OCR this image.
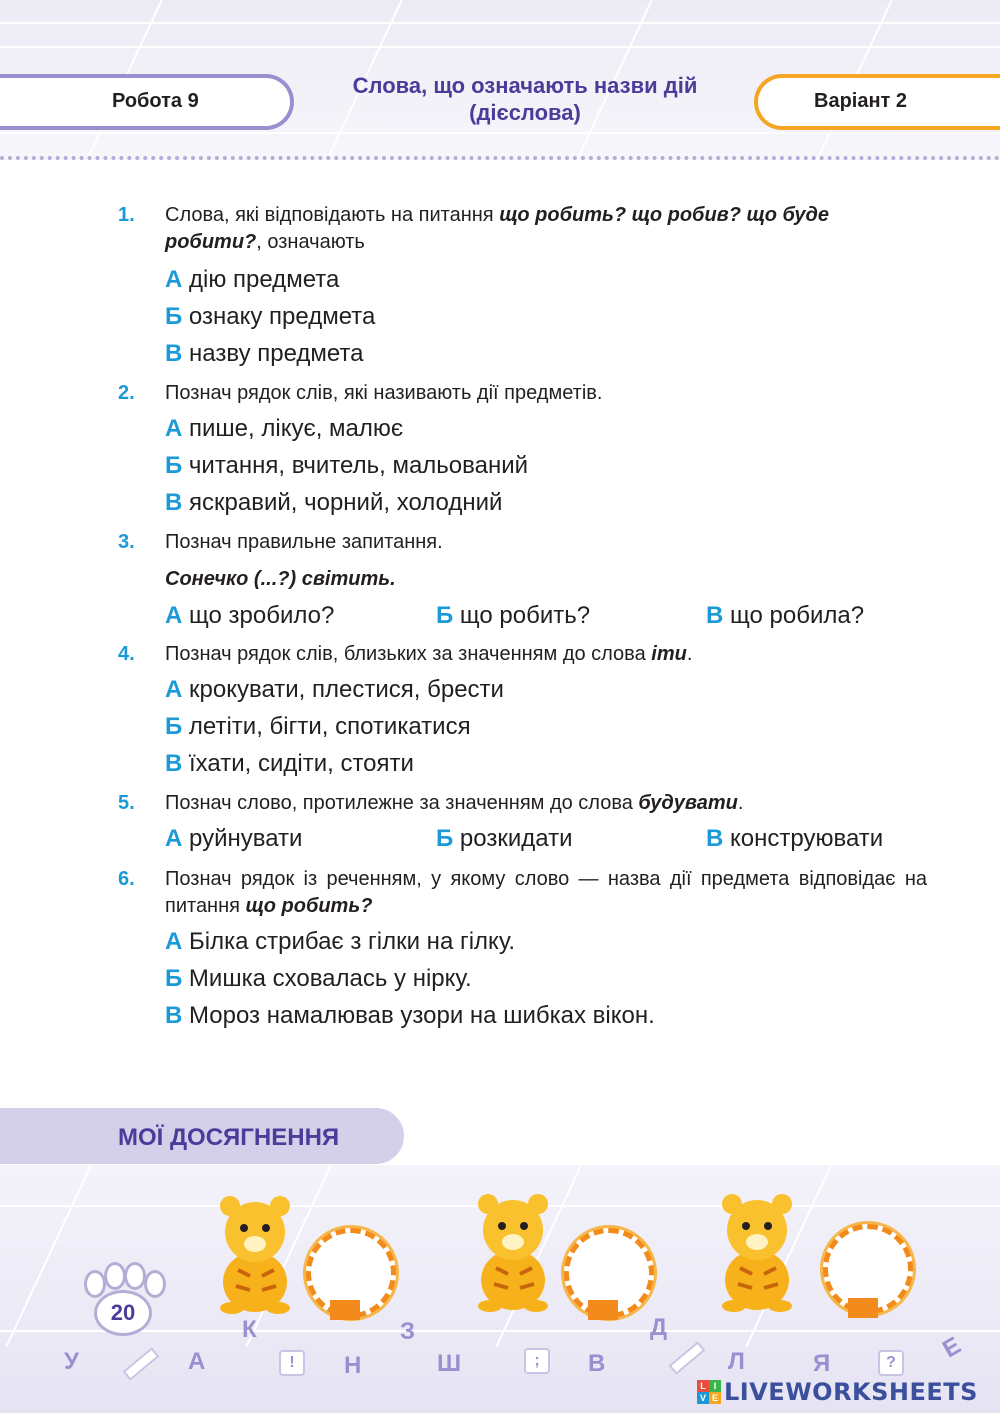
Робота 9
Слова, що означають назви дій
(дієслова)	Варіант 2
1. Слова, які відповідають на питання що робить? що робив? що буде робити?, означають
А дію предмета
Б ознаку предмета
В назву предмета
2. Познач рядок слів, які називають дії предметів.
А пише, лікує, малює
Б читання, вчитель, мальований
В яскравий, чорний, холодний
3. Познач правильне запитання.
Сонечко (...?) світить.
А що зробило?	Б що робить?	В що робила?
4. Познач рядок слів, близьких за значенням до слова іти.
А крокувати, плестися, брести
Б летіти, бігти, спотикатися
В їхати, сидіти, стояти
5. Познач слово, протилежне за значенням до слова будувати.
А руйнувати	Б розкидати	В конструювати
6. Познач рядок із реченням, у якому слово — назва дії предмета відповідає на питання що робить?
А Білка стрибає з гілки на гілку.
Б Мишка сховалась у нірку.
В Мороз намалював узори на шибках вікон.
МОЇ ДОСЯГНЕННЯ
20
У
К
А	!	Н
З
Ш	;	В
Д
Л	Я	?	Е
L I
V E LIVEWORKSHEETS
